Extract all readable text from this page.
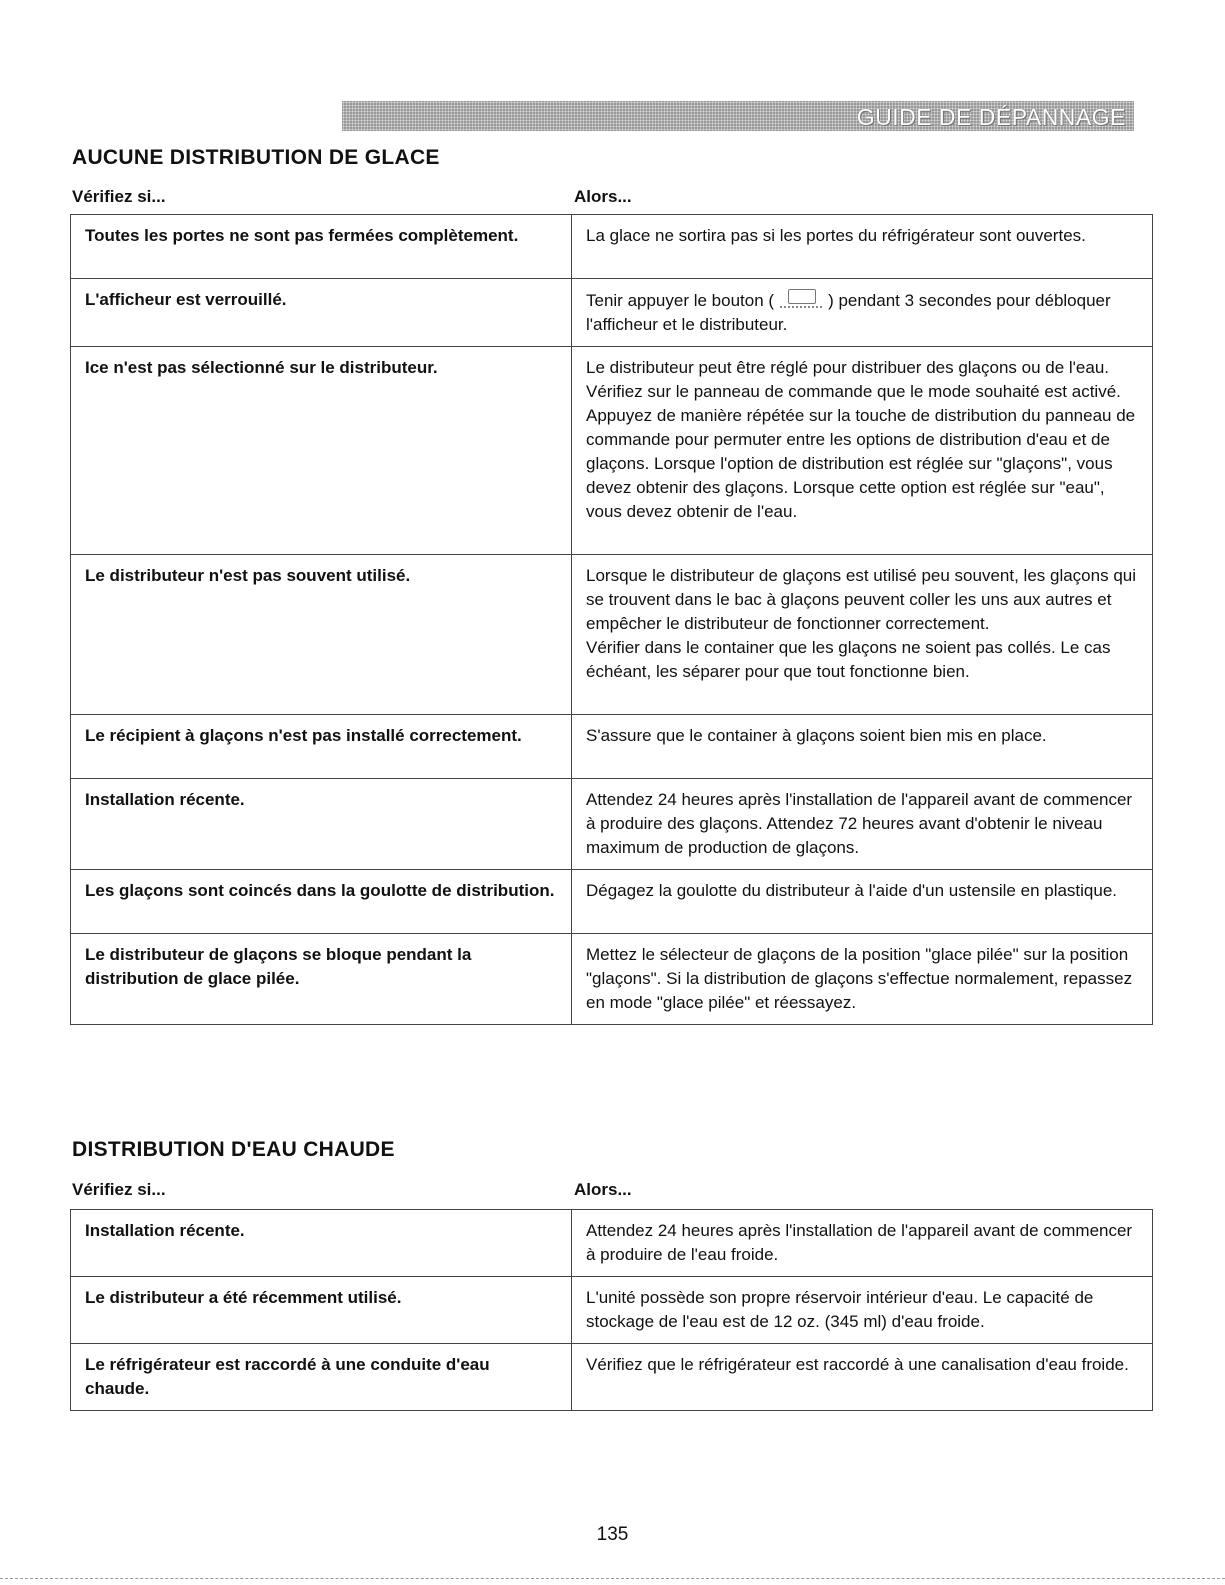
GUIDE DE DÉPANNAGE
AUCUNE DISTRIBUTION DE GLACE
Vérifiez si...	Alors...
Toutes les portes ne sont pas fermées complètement.	La glace ne sortira pas si les portes du réfrigérateur sont ouvertes.
L'afficheur est verrouillé.	Tenir appuyer le bouton ( ) pendant 3 secondes pour débloquer l'afficheur et le distributeur.
Ice n'est pas sélectionné sur le distributeur.	Le distributeur peut être réglé pour distribuer des glaçons ou de l'eau. Vérifiez sur le panneau de commande que le mode souhaité est activé. Appuyez de manière répétée sur la touche de distribution du panneau de commande pour permuter entre les options de distribution d'eau et de glaçons. Lorsque l'option de distribution est réglée sur "glaçons", vous devez obtenir des glaçons. Lorsque cette option est réglée sur "eau", vous devez obtenir de l'eau.
Le distributeur n'est pas souvent utilisé.	Lorsque le distributeur de glaçons est utilisé peu souvent, les glaçons qui se trouvent dans le bac à glaçons peuvent coller les uns aux autres et empêcher le distributeur de fonctionner correctement.
Vérifier dans le container que les glaçons ne soient pas collés. Le cas échéant, les séparer pour que tout fonctionne bien.

Le récipient à glaçons n'est pas installé correctement.	S'assure que le container à glaçons soient bien mis en place.
Installation récente.	Attendez 24 heures après l'installation de l'appareil avant de commencer à produire des glaçons. Attendez 72 heures avant d'obtenir le niveau maximum de production de glaçons.
Les glaçons sont coincés dans la goulotte de distribution.	Dégagez la goulotte du distributeur à l'aide d'un ustensile en plastique.
Le distributeur de glaçons se bloque pendant la distribution de glace pilée.	Mettez le sélecteur de glaçons de la position "glace pilée" sur la position "glaçons". Si la distribution de glaçons s'effectue normalement, repassez en mode "glace pilée" et réessayez.
DISTRIBUTION D'EAU CHAUDE
Vérifiez si...	Alors...
Installation récente.	Attendez 24 heures après l'installation de l'appareil avant de commencer à produire de l'eau froide.
Le distributeur a été récemment utilisé.	L'unité possède son propre réservoir intérieur d'eau. Le capacité de stockage de l'eau est de 12 oz. (345 ml) d'eau froide.
Le réfrigérateur est raccordé à une conduite d'eau chaude.	Vérifiez que le réfrigérateur est raccordé à une canalisation d'eau froide.
135
